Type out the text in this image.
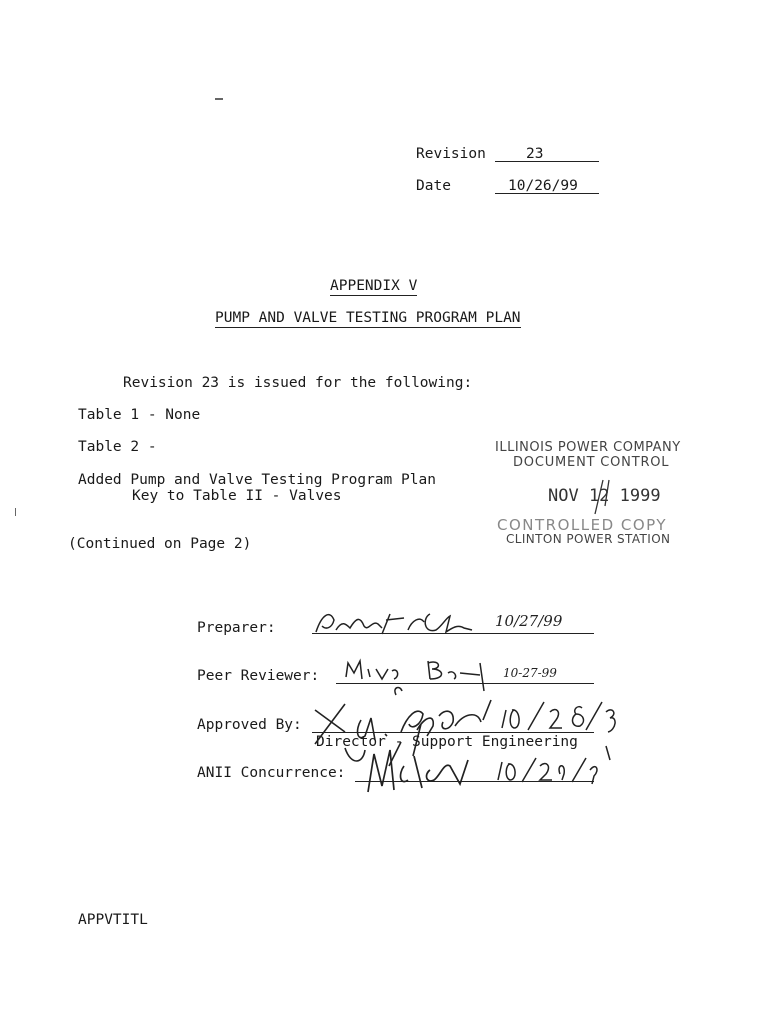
Revision	23
Date	10/26/99
APPENDIX V
PUMP AND VALVE TESTING PROGRAM PLAN
Revision 23 is issued for the following:
Table 1 - None
Table 2 -
Added Pump and Valve Testing Program Plan
Key to Table II - Valves
(Continued on Page 2)
ILLINOIS POWER COMPANY
DOCUMENT CONTROL
NOV 12 1999
CONTROLLED COPY
CLINTON POWER STATION
Preparer:	10/27/99
Peer Reviewer:	10-27-99
Approved By:
Director - Support Engineering
10/28/99
ANII Concurrence:
10/29/99
APPVTITL
